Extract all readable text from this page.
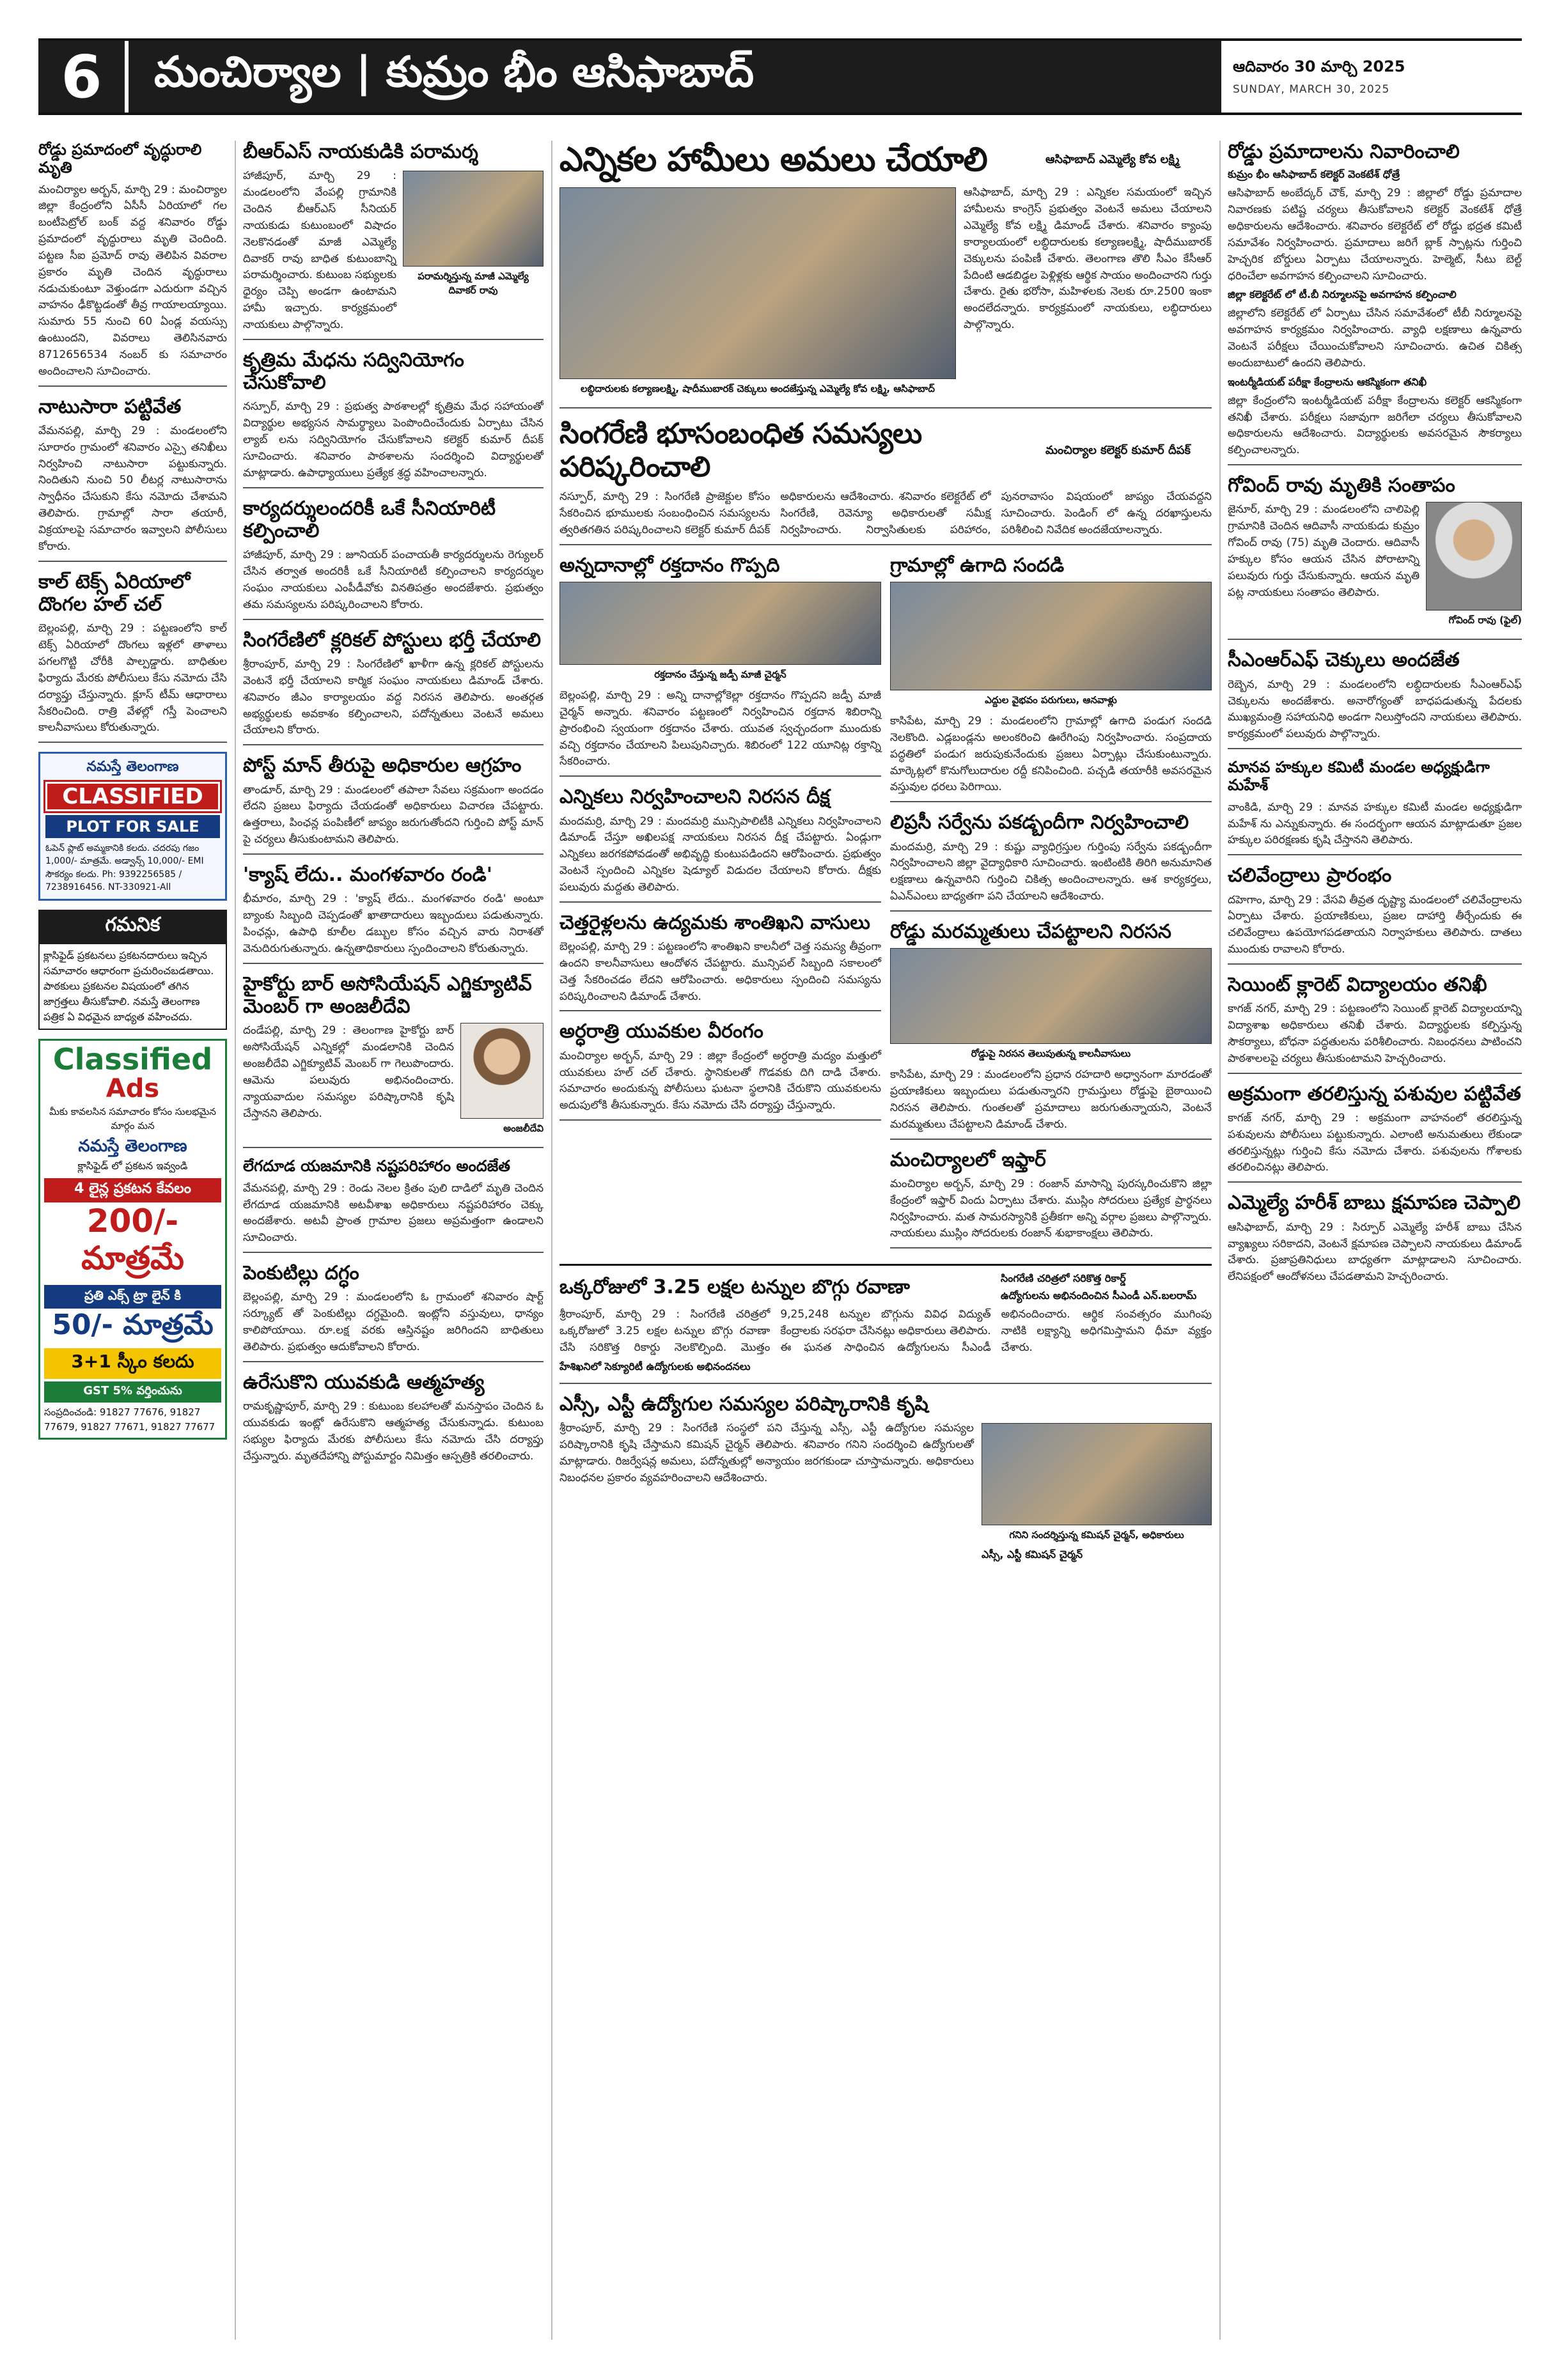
6	మంచిర్యాల | కుమ్రం భీం ఆసిఫాబాద్	ఆదివారం 30 మార్చి 2025
SUNDAY, MARCH 30, 2025
రోడ్డు ప్రమాదంలో వృద్ధురాలి మృతి
మంచిర్యాల అర్బన్, మార్చి 29 : మంచిర్యాల జిల్లా కేంద్రంలోని ఏసీసీ ఏరియాలో గల బంటీపెట్రోల్ బంక్ వద్ద శనివారం రోడ్డు ప్రమాదంలో వృద్ధురాలు మృతి చెందింది. పట్టణ సీఐ ప్రమోద్ రావు తెలిపిన వివరాల ప్రకారం మృతి చెందిన వృద్ధురాలు నడుచుకుంటూ వెళ్తుండగా ఎదురుగా వచ్చిన వాహనం ఢీకొట్టడంతో తీవ్ర గాయాలయ్యాయి. సుమారు 55 నుంచి 60 ఏండ్ల వయస్సు ఉంటుందని, వివరాలు తెలిసినవారు 8712656534 నంబర్ కు సమాచారం అందించాలని సూచించారు.
నాటుసారా పట్టివేత
వేమనపల్లి, మార్చి 29 : మండలంలోని సూరారం గ్రామంలో శనివారం ఎస్సై తనిఖీలు నిర్వహించి నాటుసారా పట్టుకున్నారు. నిందితుని నుంచి 50 లీటర్ల నాటుసారాను స్వాధీనం చేసుకుని కేసు నమోదు చేశామని తెలిపారు. గ్రామాల్లో సారా తయారీ, విక్రయాలపై సమాచారం ఇవ్వాలని పోలీసులు కోరారు.
కాల్ టెక్స్ ఏరియాలో దొంగల హల్ చల్
బెల్లంపల్లి, మార్చి 29 : పట్టణంలోని కాల్ టెక్స్ ఏరియాలో దొంగలు ఇళ్లలో తాళాలు పగలగొట్టి చోరీకి పాల్పడ్డారు. బాధితుల ఫిర్యాదు మేరకు పోలీసులు కేసు నమోదు చేసి దర్యాప్తు చేస్తున్నారు. క్లూస్ టీమ్ ఆధారాలు సేకరించింది. రాత్రి వేళల్లో గస్తీ పెంచాలని కాలనీవాసులు కోరుతున్నారు.
నమస్తే తెలంగాణ
CLASSIFIED
PLOT FOR SALE
ఓపెన్ ప్లాట్ అమ్మకానికి కలదు. చదరపు గజం 1,000/- మాత్రమే. అడ్వాన్స్ 10,000/- EMI సౌకర్యం కలదు. Ph: 9392256585 / 7238916456. NT-330921-All
గమనిక
క్లాసిఫైడ్ ప్రకటనలు ప్రకటనదారులు ఇచ్చిన సమాచారం ఆధారంగా ప్రచురించబడతాయి. పాఠకులు ప్రకటనల విషయంలో తగిన జాగ్రత్తలు తీసుకోవాలి. నమస్తే తెలంగాణ పత్రిక ఏ విధమైన బాధ్యత వహించదు.
Classified
Ads
మీకు కావలసిన సమాచారం కోసం సులభమైన మార్గం మన
నమస్తే తెలంగాణ
క్లాసిఫైడ్ లో ప్రకటన ఇవ్వండి
4 లైన్ల ప్రకటన కేవలం
200/- మాత్రమే
ప్రతి ఎక్స్ ట్రా లైన్ కి
50/- మాత్రమే
3+1 స్కీం కలదు
GST 5% వర్తించును
సంప్రదించండి: 91827 77676, 91827 77679, 91827 77671, 91827 77677
బీఆర్ఎస్ నాయకుడికి పరామర్శ
హాజీపూర్, మార్చి 29 : మండలంలోని వేంపల్లి గ్రామానికి చెందిన బీఆర్ఎస్ సీనియర్ నాయకుడు కుటుంబంలో విషాదం నెలకొనడంతో మాజీ ఎమ్మెల్యే దివాకర్ రావు బాధిత కుటుంబాన్ని పరామర్శించారు. కుటుంబ సభ్యులకు ధైర్యం చెప్పి అండగా ఉంటామని హామీ ఇచ్చారు. కార్యక్రమంలో నాయకులు పాల్గొన్నారు.
పరామర్శిస్తున్న మాజీ ఎమ్మెల్యే దివాకర్ రావు
కృత్రిమ మేధను సద్వినియోగం చేసుకోవాలి
నస్పూర్, మార్చి 29 : ప్రభుత్వ పాఠశాలల్లో కృత్రిమ మేధ సహాయంతో విద్యార్థుల అభ్యసన సామర్థ్యాలు పెంపొందించేందుకు ఏర్పాటు చేసిన ల్యాబ్ లను సద్వినియోగం చేసుకోవాలని కలెక్టర్ కుమార్ దీపక్ సూచించారు. శనివారం పాఠశాలను సందర్శించి విద్యార్థులతో మాట్లాడారు. ఉపాధ్యాయులు ప్రత్యేక శ్రద్ధ వహించాలన్నారు.
కార్యదర్శులందరికీ ఒకే సీనియారిటీ కల్పించాలి
హాజీపూర్, మార్చి 29 : జూనియర్ పంచాయతీ కార్యదర్శులను రెగ్యులర్ చేసిన తర్వాత అందరికీ ఒకే సీనియారిటీ కల్పించాలని కార్యదర్శుల సంఘం నాయకులు ఎంపీడీవోకు వినతిపత్రం అందజేశారు. ప్రభుత్వం తమ సమస్యలను పరిష్కరించాలని కోరారు.
సింగరేణిలో క్లరికల్ పోస్టులు భర్తీ చేయాలి
శ్రీరాంపూర్, మార్చి 29 : సింగరేణిలో ఖాళీగా ఉన్న క్లరికల్ పోస్టులను వెంటనే భర్తీ చేయాలని కార్మిక సంఘం నాయకులు డిమాండ్ చేశారు. శనివారం జీఎం కార్యాలయం వద్ద నిరసన తెలిపారు. అంతర్గత అభ్యర్థులకు అవకాశం కల్పించాలని, పదోన్నతులు వెంటనే అమలు చేయాలని కోరారు.
పోస్ట్ మాన్ తీరుపై అధికారుల ఆగ్రహం
తాండూర్, మార్చి 29 : మండలంలో తపాలా సేవలు సక్రమంగా అందడం లేదని ప్రజలు ఫిర్యాదు చేయడంతో అధికారులు విచారణ చేపట్టారు. ఉత్తరాలు, పింఛన్ల పంపిణీలో జాప్యం జరుగుతోందని గుర్తించి పోస్ట్ మాన్ పై చర్యలు తీసుకుంటామని తెలిపారు.
'క్యాష్ లేదు.. మంగళవారం రండి'
భీమారం, మార్చి 29 : 'క్యాష్ లేదు.. మంగళవారం రండి' అంటూ బ్యాంకు సిబ్బంది చెప్పడంతో ఖాతాదారులు ఇబ్బందులు పడుతున్నారు. పింఛన్లు, ఉపాధి కూలీల డబ్బుల కోసం వచ్చిన వారు నిరాశతో వెనుదిరుగుతున్నారు. ఉన్నతాధికారులు స్పందించాలని కోరుతున్నారు.
హైకోర్టు బార్ అసోసియేషన్ ఎగ్జిక్యూటివ్ మెంబర్ గా అంజలీదేవి
దండేపల్లి, మార్చి 29 : తెలంగాణ హైకోర్టు బార్ అసోసియేషన్ ఎన్నికల్లో మండలానికి చెందిన అంజలీదేవి ఎగ్జిక్యూటివ్ మెంబర్ గా గెలుపొందారు. ఆమెను పలువురు అభినందించారు. న్యాయవాదుల సమస్యల పరిష్కారానికి కృషి చేస్తానని తెలిపారు.
అంజలీదేవి
లేగదూడ యజమానికి నష్టపరిహారం అందజేత
వేమనపల్లి, మార్చి 29 : రెండు నెలల క్రితం పులి దాడిలో మృతి చెందిన లేగదూడ యజమానికి అటవీశాఖ అధికారులు నష్టపరిహారం చెక్కు అందజేశారు. అటవీ ప్రాంత గ్రామాల ప్రజలు అప్రమత్తంగా ఉండాలని సూచించారు.
పెంకుటిల్లు దగ్ధం
బెల్లంపల్లి, మార్చి 29 : మండలంలోని ఓ గ్రామంలో శనివారం షార్ట్ సర్క్యూట్ తో పెంకుటిల్లు దగ్ధమైంది. ఇంట్లోని వస్తువులు, ధాన్యం కాలిపోయాయి. రూ.లక్ష వరకు ఆస్తినష్టం జరిగిందని బాధితులు తెలిపారు. ప్రభుత్వం ఆదుకోవాలని కోరారు.
ఉరేసుకొని యువకుడి ఆత్మహత్య
రామకృష్ణాపూర్, మార్చి 29 : కుటుంబ కలహాలతో మనస్తాపం చెందిన ఓ యువకుడు ఇంట్లో ఉరేసుకొని ఆత్మహత్య చేసుకున్నాడు. కుటుంబ సభ్యుల ఫిర్యాదు మేరకు పోలీసులు కేసు నమోదు చేసి దర్యాప్తు చేస్తున్నారు. మృతదేహాన్ని పోస్టుమార్టం నిమిత్తం ఆస్పత్రికి తరలించారు.
ఎన్నికల హామీలు అమలు చేయాలి	ఆసిఫాబాద్ ఎమ్మెల్యే కోవ లక్ష్మి
లబ్ధిదారులకు కల్యాణలక్ష్మి, షాదీముబారక్ చెక్కులు అందజేస్తున్న ఎమ్మెల్యే కోవ లక్ష్మి, ఆసిఫాబాద్
ఆసిఫాబాద్, మార్చి 29 : ఎన్నికల సమయంలో ఇచ్చిన హామీలను కాంగ్రెస్ ప్రభుత్వం వెంటనే అమలు చేయాలని ఎమ్మెల్యే కోవ లక్ష్మి డిమాండ్ చేశారు. శనివారం క్యాంపు కార్యాలయంలో లబ్ధిదారులకు కల్యాణలక్ష్మి, షాదీముబారక్ చెక్కులను పంపిణీ చేశారు. తెలంగాణ తొలి సీఎం కేసీఆర్ పేదింటి ఆడబిడ్డల పెళ్లిళ్లకు ఆర్థిక సాయం అందించారని గుర్తు చేశారు. రైతు భరోసా, మహిళలకు నెలకు రూ.2500 ఇంకా అందలేదన్నారు. కార్యక్రమంలో నాయకులు, లబ్ధిదారులు పాల్గొన్నారు.
సింగరేణి భూసంబంధిత సమస్యలు పరిష్కరించాలి
మంచిర్యాల కలెక్టర్ కుమార్ దీపక్
నస్పూర్, మార్చి 29 : సింగరేణి ప్రాజెక్టుల కోసం సేకరించిన భూములకు సంబంధించిన సమస్యలను త్వరితగతిన పరిష్కరించాలని కలెక్టర్ కుమార్ దీపక్ అధికారులను ఆదేశించారు. శనివారం కలెక్టరేట్ లో సింగరేణి, రెవెన్యూ అధికారులతో సమీక్ష నిర్వహించారు. నిర్వాసితులకు పరిహారం, పునరావాసం విషయంలో జాప్యం చేయవద్దని సూచించారు. పెండింగ్ లో ఉన్న దరఖాస్తులను పరిశీలించి నివేదిక అందజేయాలన్నారు.
అన్నదానాల్లో రక్తదానం గొప్పది
రక్తదానం చేస్తున్న జడ్పీ మాజీ చైర్మన్
బెల్లంపల్లి, మార్చి 29 : అన్ని దానాల్లోకెల్లా రక్తదానం గొప్పదని జడ్పీ మాజీ చైర్మన్ అన్నారు. శనివారం పట్టణంలో నిర్వహించిన రక్తదాన శిబిరాన్ని ప్రారంభించి స్వయంగా రక్తదానం చేశారు. యువత స్వచ్ఛందంగా ముందుకు వచ్చి రక్తదానం చేయాలని పిలుపునిచ్చారు. శిబిరంలో 122 యూనిట్ల రక్తాన్ని సేకరించారు.
ఎన్నికలు నిర్వహించాలని నిరసన దీక్ష
మందమర్రి, మార్చి 29 : మందమర్రి మున్సిపాలిటీకి ఎన్నికలు నిర్వహించాలని డిమాండ్ చేస్తూ అఖిలపక్ష నాయకులు నిరసన దీక్ష చేపట్టారు. ఏండ్లుగా ఎన్నికలు జరగకపోవడంతో అభివృద్ధి కుంటుపడిందని ఆరోపించారు. ప్రభుత్వం వెంటనే స్పందించి ఎన్నికల షెడ్యూల్ విడుదల చేయాలని కోరారు. దీక్షకు పలువురు మద్దతు తెలిపారు.
చెత్తరైళ్లలను ఉద్యమకు శాంతిఖని వాసులు
బెల్లంపల్లి, మార్చి 29 : పట్టణంలోని శాంతిఖని కాలనీలో చెత్త సమస్య తీవ్రంగా ఉందని కాలనీవాసులు ఆందోళన చేపట్టారు. మున్సిపల్ సిబ్బంది సకాలంలో చెత్త సేకరించడం లేదని ఆరోపించారు. అధికారులు స్పందించి సమస్యను పరిష్కరించాలని డిమాండ్ చేశారు.
అర్ధరాత్రి యువకుల వీరంగం
మంచిర్యాల అర్బన్, మార్చి 29 : జిల్లా కేంద్రంలో అర్ధరాత్రి మద్యం మత్తులో యువకులు హల్ చల్ చేశారు. స్థానికులతో గొడవకు దిగి దాడి చేశారు. సమాచారం అందుకున్న పోలీసులు ఘటనా స్థలానికి చేరుకొని యువకులను అదుపులోకి తీసుకున్నారు. కేసు నమోదు చేసి దర్యాప్తు చేస్తున్నారు.
గ్రామాల్లో ఉగాది సందడి
ఎద్దుల వైభవం పరుగులు, ఆనవాళ్లు
కాసిపేట, మార్చి 29 : మండలంలోని గ్రామాల్లో ఉగాది పండుగ సందడి నెలకొంది. ఎడ్లబండ్లను అలంకరించి ఊరేగింపు నిర్వహించారు. సంప్రదాయ పద్ధతిలో పండుగ జరుపుకునేందుకు ప్రజలు ఏర్పాట్లు చేసుకుంటున్నారు. మార్కెట్లలో కొనుగోలుదారుల రద్దీ కనిపించింది. పచ్చడి తయారీకి అవసరమైన వస్తువుల ధరలు పెరిగాయి.
లిప్రసీ సర్వేను పకడ్బందీగా నిర్వహించాలి
మందమర్రి, మార్చి 29 : కుష్టు వ్యాధిగ్రస్తుల గుర్తింపు సర్వేను పకడ్బందీగా నిర్వహించాలని జిల్లా వైద్యాధికారి సూచించారు. ఇంటింటికి తిరిగి అనుమానిత లక్షణాలు ఉన్నవారిని గుర్తించి చికిత్స అందించాలన్నారు. ఆశ కార్యకర్తలు, ఏఎన్ఎంలు బాధ్యతగా పని చేయాలని ఆదేశించారు.
రోడ్డు మరమ్మతులు చేపట్టాలని నిరసన
రోడ్డుపై నిరసన తెలుపుతున్న కాలనీవాసులు
కాసిపేట, మార్చి 29 : మండలంలోని ప్రధాన రహదారి అధ్వానంగా మారడంతో ప్రయాణికులు ఇబ్బందులు పడుతున్నారని గ్రామస్తులు రోడ్డుపై బైఠాయించి నిరసన తెలిపారు. గుంతలతో ప్రమాదాలు జరుగుతున్నాయని, వెంటనే మరమ్మతులు చేపట్టాలని డిమాండ్ చేశారు.
మంచిర్యాలలో ఇఫ్తార్
మంచిర్యాల అర్బన్, మార్చి 29 : రంజాన్ మాసాన్ని పురస్కరించుకొని జిల్లా కేంద్రంలో ఇఫ్తార్ విందు ఏర్పాటు చేశారు. ముస్లిం సోదరులు ప్రత్యేక ప్రార్థనలు నిర్వహించారు. మత సామరస్యానికి ప్రతీకగా అన్ని వర్గాల ప్రజలు పాల్గొన్నారు. నాయకులు ముస్లిం సోదరులకు రంజాన్ శుభాకాంక్షలు తెలిపారు.
ఒక్కరోజులో 3.25 లక్షల టన్నుల బొగ్గు రవాణా	సింగరేణి చరిత్రలో సరికొత్త రికార్డ్
ఉద్యోగులను అభినందించిన సీఎండీ ఎన్.బలరామ్
శ్రీరాంపూర్, మార్చి 29 : సింగరేణి చరిత్రలో ఒక్కరోజులో 3.25 లక్షల టన్నుల బొగ్గు రవాణా చేసి సరికొత్త రికార్డు నెలకొల్పింది. మొత్తం 9,25,248 టన్నుల బొగ్గును వివిధ విద్యుత్ కేంద్రాలకు సరఫరా చేసినట్లు అధికారులు తెలిపారు. ఈ ఘనత సాధించిన ఉద్యోగులను సీఎండీ అభినందించారు. ఆర్థిక సంవత్సరం ముగింపు నాటికి లక్ష్యాన్ని అధిగమిస్తామని ధీమా వ్యక్తం చేశారు.
హేశిఖనిలో సెక్యూరిటీ ఉద్యోగులకు అభినందనలు
ఎస్సీ, ఎస్టీ ఉద్యోగుల సమస్యల పరిష్కారానికి కృషి
శ్రీరాంపూర్, మార్చి 29 : సింగరేణి సంస్థలో పని చేస్తున్న ఎస్సీ, ఎస్టీ ఉద్యోగుల సమస్యల పరిష్కారానికి కృషి చేస్తామని కమిషన్ చైర్మన్ తెలిపారు. శనివారం గనిని సందర్శించి ఉద్యోగులతో మాట్లాడారు. రిజర్వేషన్ల అమలు, పదోన్నతుల్లో అన్యాయం జరగకుండా చూస్తామన్నారు. అధికారులు నిబంధనల ప్రకారం వ్యవహరించాలని ఆదేశించారు.
గనిని సందర్శిస్తున్న కమిషన్ చైర్మన్, అధికారులు
ఎస్సీ, ఎస్టీ కమిషన్ చైర్మన్
రోడ్డు ప్రమాదాలను నివారించాలి
కుమ్రం భీం ఆసిఫాబాద్ కలెక్టర్ వెంకటేశ్ ధోత్రే
ఆసిఫాబాద్ అంబేద్కర్ చౌక్, మార్చి 29 : జిల్లాలో రోడ్డు ప్రమాదాల నివారణకు పటిష్ట చర్యలు తీసుకోవాలని కలెక్టర్ వెంకటేశ్ ధోత్రే అధికారులను ఆదేశించారు. శనివారం కలెక్టరేట్ లో రోడ్డు భద్రత కమిటీ సమావేశం నిర్వహించారు. ప్రమాదాలు జరిగే బ్లాక్ స్పాట్లను గుర్తించి హెచ్చరిక బోర్డులు ఏర్పాటు చేయాలన్నారు. హెల్మెట్, సీటు బెల్ట్ ధరించేలా అవగాహన కల్పించాలని సూచించారు.
జిల్లా కలెక్టరేట్ లో టీ.బీ నిర్మూలనపై అవగాహన కల్పించాలి
జిల్లాలోని కలెక్టరేట్ లో ఏర్పాటు చేసిన సమావేశంలో టీబీ నిర్మూలనపై అవగాహన కార్యక్రమం నిర్వహించారు. వ్యాధి లక్షణాలు ఉన్నవారు వెంటనే పరీక్షలు చేయించుకోవాలని సూచించారు. ఉచిత చికిత్స అందుబాటులో ఉందని తెలిపారు.
ఇంటర్మీడియట్ పరీక్షా కేంద్రాలను ఆకస్మికంగా తనిఖీ
జిల్లా కేంద్రంలోని ఇంటర్మీడియట్ పరీక్షా కేంద్రాలను కలెక్టర్ ఆకస్మికంగా తనిఖీ చేశారు. పరీక్షలు సజావుగా జరిగేలా చర్యలు తీసుకోవాలని అధికారులను ఆదేశించారు. విద్యార్థులకు అవసరమైన సౌకర్యాలు కల్పించాలన్నారు.
గోవింద్ రావు మృతికి సంతాపం
జైనూర్, మార్చి 29 : మండలంలోని చాలిపెల్లి గ్రామానికి చెందిన ఆదివాసీ నాయకుడు కుమ్రం గోవింద్ రావు (75) మృతి చెందారు. ఆదివాసీ హక్కుల కోసం ఆయన చేసిన పోరాటాన్ని పలువురు గుర్తు చేసుకున్నారు. ఆయన మృతి పట్ల నాయకులు సంతాపం తెలిపారు.
గోవింద్ రావు (ఫైల్)
సీఎంఆర్ఎఫ్ చెక్కులు అందజేత
రెబ్బెన, మార్చి 29 : మండలంలోని లబ్ధిదారులకు సీఎంఆర్ఎఫ్ చెక్కులను అందజేశారు. అనారోగ్యంతో బాధపడుతున్న పేదలకు ముఖ్యమంత్రి సహాయనిధి అండగా నిలుస్తోందని నాయకులు తెలిపారు. కార్యక్రమంలో పలువురు పాల్గొన్నారు.
మానవ హక్కుల కమిటీ మండల అధ్యక్షుడిగా మహేశ్
వాంకిడి, మార్చి 29 : మానవ హక్కుల కమిటీ మండల అధ్యక్షుడిగా మహేశ్ ను ఎన్నుకున్నారు. ఈ సందర్భంగా ఆయన మాట్లాడుతూ ప్రజల హక్కుల పరిరక్షణకు కృషి చేస్తానని తెలిపారు.
చలివేంద్రాలు ప్రారంభం
దహెగాం, మార్చి 29 : వేసవి తీవ్రత దృష్ట్యా మండలంలో చలివేంద్రాలను ఏర్పాటు చేశారు. ప్రయాణికులు, ప్రజల దాహార్తి తీర్చేందుకు ఈ చలివేంద్రాలు ఉపయోగపడతాయని నిర్వాహకులు తెలిపారు. దాతలు ముందుకు రావాలని కోరారు.
సెయింట్ క్లారెట్ విద్యాలయం తనిఖీ
కాగజ్ నగర్, మార్చి 29 : పట్టణంలోని సెయింట్ క్లారెట్ విద్యాలయాన్ని విద్యాశాఖ అధికారులు తనిఖీ చేశారు. విద్యార్థులకు కల్పిస్తున్న సౌకర్యాలు, బోధనా పద్ధతులను పరిశీలించారు. నిబంధనలు పాటించని పాఠశాలలపై చర్యలు తీసుకుంటామని హెచ్చరించారు.
అక్రమంగా తరలిస్తున్న పశువుల పట్టివేత
కాగజ్ నగర్, మార్చి 29 : అక్రమంగా వాహనంలో తరలిస్తున్న పశువులను పోలీసులు పట్టుకున్నారు. ఎలాంటి అనుమతులు లేకుండా తరలిస్తున్నట్లు గుర్తించి కేసు నమోదు చేశారు. పశువులను గోశాలకు తరలించినట్లు తెలిపారు.
ఎమ్మెల్యే హరీశ్ బాబు క్షమాపణ చెప్పాలి
ఆసిఫాబాద్, మార్చి 29 : సిర్పూర్ ఎమ్మెల్యే హరీశ్ బాబు చేసిన వ్యాఖ్యలు సరికాదని, వెంటనే క్షమాపణ చెప్పాలని నాయకులు డిమాండ్ చేశారు. ప్రజాప్రతినిధులు బాధ్యతగా మాట్లాడాలని సూచించారు. లేనిపక్షంలో ఆందోళనలు చేపడతామని హెచ్చరించారు.
